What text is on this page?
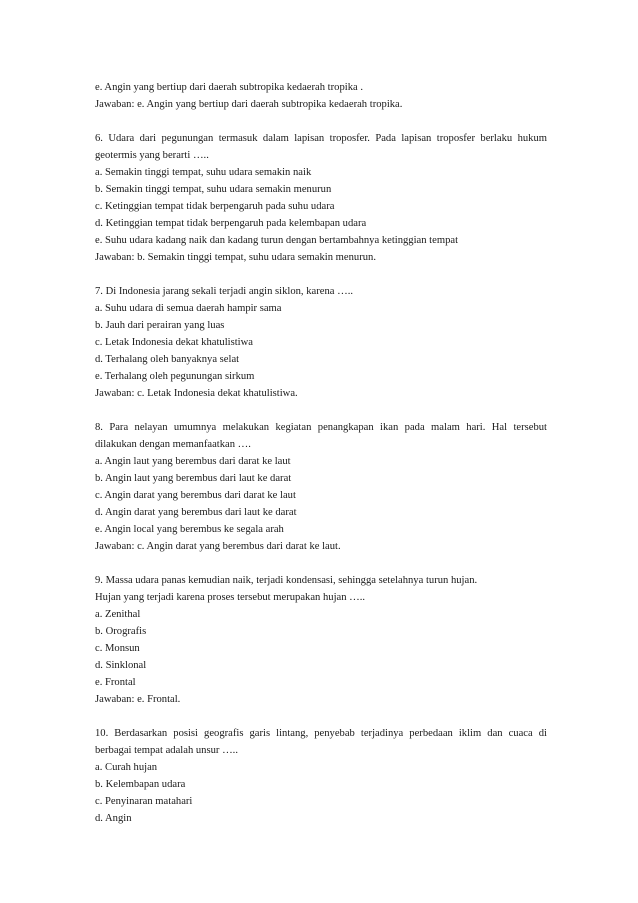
e. Angin yang bertiup dari daerah subtropika kedaerah tropika .
Jawaban: e. Angin yang bertiup dari daerah subtropika kedaerah tropika.
6. Udara dari pegunungan termasuk dalam lapisan troposfer. Pada lapisan troposfer berlaku hukum
geotermis yang berarti …..
a. Semakin tinggi tempat, suhu udara semakin naik
b. Semakin tinggi tempat, suhu udara semakin menurun
c. Ketinggian tempat tidak berpengaruh pada suhu udara
d. Ketinggian tempat tidak berpengaruh pada kelembapan udara
e. Suhu udara kadang naik dan kadang turun dengan bertambahnya ketinggian tempat
Jawaban: b. Semakin tinggi tempat, suhu udara semakin menurun.
7. Di Indonesia jarang sekali terjadi angin siklon, karena …..
a. Suhu udara di semua daerah hampir sama
b. Jauh dari perairan yang luas
c. Letak Indonesia dekat khatulistiwa
d. Terhalang oleh banyaknya selat
e. Terhalang oleh pegunungan sirkum
Jawaban: c. Letak Indonesia dekat khatulistiwa.
8. Para nelayan umumnya melakukan kegiatan penangkapan ikan pada malam hari. Hal tersebut
dilakukan dengan memanfaatkan ….
a. Angin laut yang berembus dari darat ke laut
b. Angin laut yang berembus dari laut ke darat
c. Angin darat yang berembus dari darat ke laut
d. Angin darat yang berembus dari laut ke darat
e. Angin local yang berembus ke segala arah
Jawaban: c. Angin darat yang berembus dari darat ke laut.
9. Massa udara panas kemudian naik, terjadi kondensasi, sehingga setelahnya turun hujan.
Hujan yang terjadi karena proses tersebut merupakan hujan …..
a. Zenithal
b. Orografis
c. Monsun
d. Sinklonal
e. Frontal
Jawaban: e. Frontal.
10. Berdasarkan posisi geografis garis lintang, penyebab terjadinya perbedaan iklim dan cuaca di
berbagai tempat adalah unsur …..
a. Curah hujan
b. Kelembapan udara
c. Penyinaran matahari
d. Angin
